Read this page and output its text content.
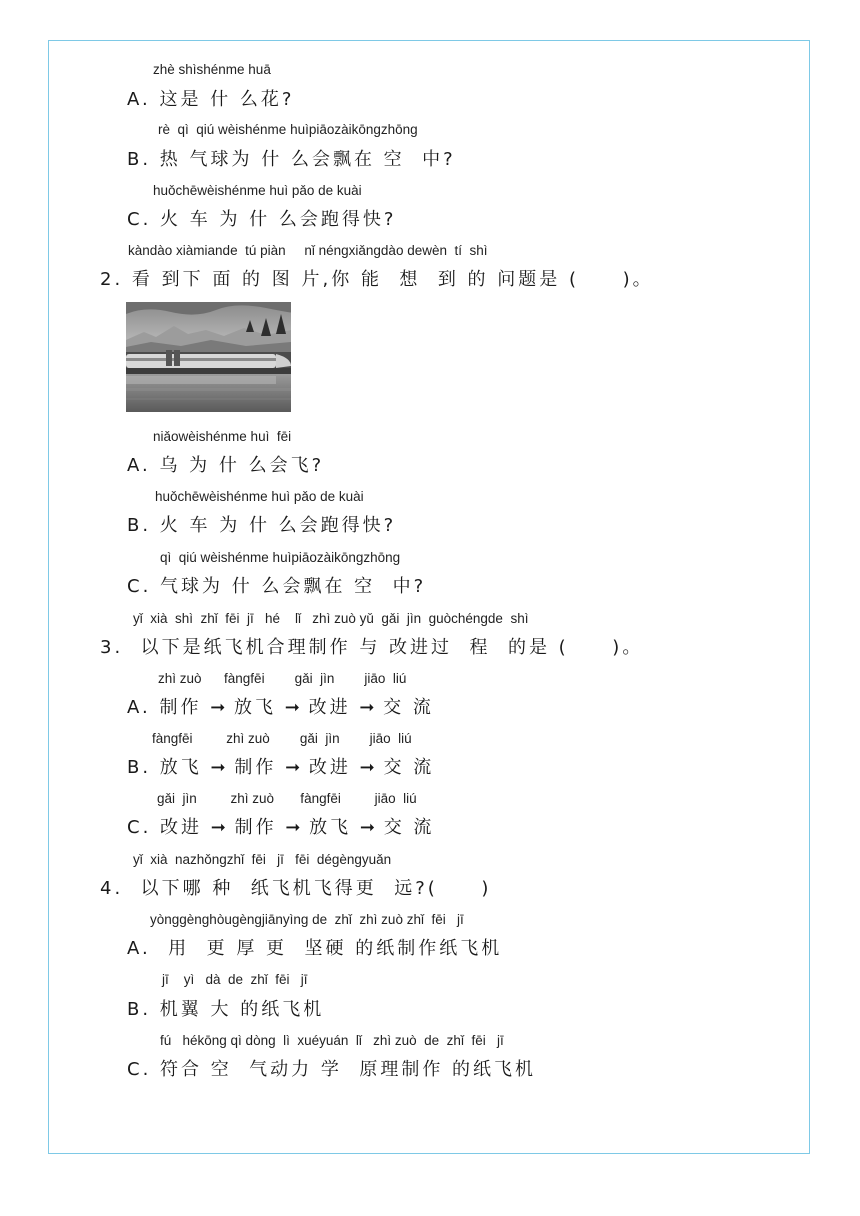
zhè shìshénme huā
A. 这是 什 么花?
rè  qì  qiú wèishénme huìpiāozàikōngzhōng
B. 热 气球为 什 么会飘在 空  中?
huǒchēwèishénme huì pǎo de kuài
C. 火 车 为 什 么会跑得快?
kàndào xiàmiande  tú piàn     nǐ néngxiǎngdào dewèn  tí  shì
2. 看 到下 面 的 图 片,你 能  想  到 的 问题是 (     )。
niǎowèishénme huì  fēi
A. 乌 为 什 么会飞?
huǒchēwèishénme huì pǎo de kuài
B. 火 车 为 什 么会跑得快?
qì  qiú wèishénme huìpiāozàikōngzhōng
C. 气球为 什 么会飘在 空  中?
yǐ  xià  shì  zhǐ  fēi  jī   hé    lǐ   zhì zuò yǔ  gǎi  jìn  guòchéngde  shì
3.  以下是纸飞机合理制作 与 改进过  程  的是 (     )。
zhì zuò      fàngfēi        gǎi  jìn        jiāo  liú
A. 制作 ➞ 放飞 ➞ 改进 ➞ 交 流
fàngfēi         zhì zuò        gǎi  jìn        jiāo  liú
B. 放飞 ➞ 制作 ➞ 改进 ➞ 交 流
gǎi  jìn         zhì zuò       fàngfēi         jiāo  liú
C. 改进 ➞ 制作 ➞ 放飞 ➞ 交 流
yǐ  xià  nazhǒngzhǐ  fēi   jī   fēi  dégèngyuǎn
4.  以下哪 种  纸飞机飞得更  远?(     )
yònggènghòugèngjiānyìng de  zhǐ  zhì zuò zhǐ  fēi   jī
A.  用  更 厚 更  坚硬 的纸制作纸飞机
jī    yì   dà  de  zhǐ  fēi   jī
B. 机翼 大 的纸飞机
fú   hékōng qì dòng  lì  xuéyuán  lǐ   zhì zuò  de  zhǐ  fēi   jī
C. 符合 空  气动力 学  原理制作 的纸飞机
